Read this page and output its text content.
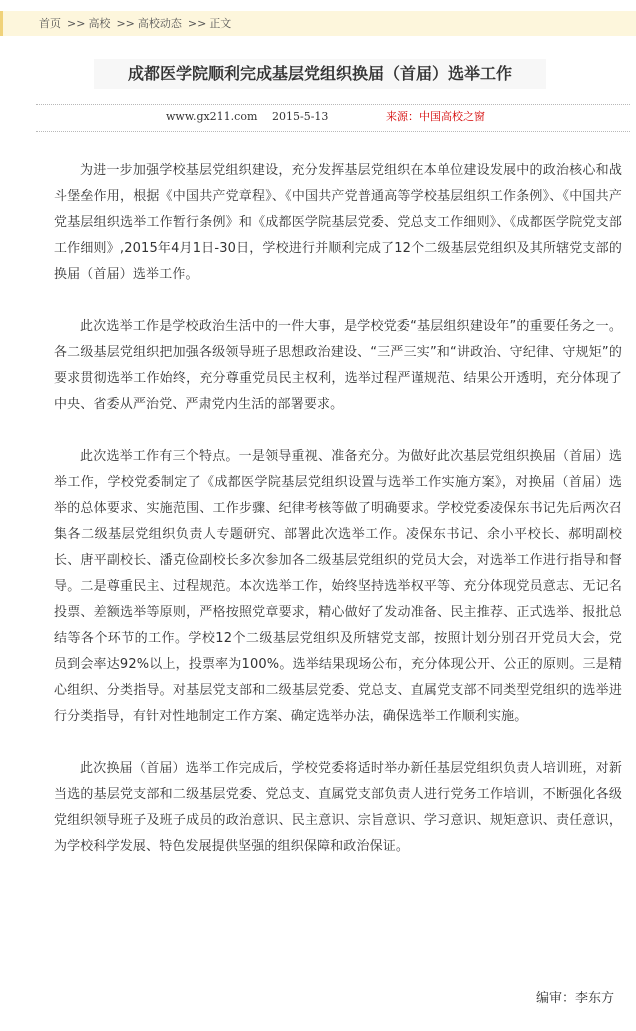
首页 >> 高校 >> 高校动态 >> 正文
成都医学院顺利完成基层党组织换届（首届）选举工作
www.gx211.com 2015-5-13	来源：中国高校之窗

为进一步加强学校基层党组织建设，充分发挥基层党组织在本单位建设发展中的政治核心和战斗堡垒作用，根据《中国共产党章程》、《中国共产党普通高等学校基层组织工作条例》、《中国共产党基层组织选举工作暂行条例》和《成都医学院基层党委、党总支工作细则》、《成都医学院党支部工作细则》,2015年4月1日-30日，学校进行并顺利完成了12个二级基层党组织及其所辖党支部的换届（首届）选举工作。

此次选举工作是学校政治生活中的一件大事，是学校党委“基层组织建设年”的重要任务之一。各二级基层党组织把加强各级领导班子思想政治建设、“三严三实”和“讲政治、守纪律、守规矩”的要求贯彻选举工作始终，充分尊重党员民主权利，选举过程严谨规范、结果公开透明，充分体现了中央、省委从严治党、严肃党内生活的部署要求。

此次选举工作有三个特点。一是领导重视、准备充分。为做好此次基层党组织换届（首届）选举工作，学校党委制定了《成都医学院基层党组织设置与选举工作实施方案》，对换届（首届）选举的总体要求、实施范围、工作步骤、纪律考核等做了明确要求。学校党委凌保东书记先后两次召集各二级基层党组织负责人专题研究、部署此次选举工作。凌保东书记、余小平校长、郝明副校长、唐平副校长、潘克俭副校长多次参加各二级基层党组织的党员大会，对选举工作进行指导和督导。二是尊重民主、过程规范。本次选举工作，始终坚持选举权平等、充分体现党员意志、无记名投票、差额选举等原则，严格按照党章要求，精心做好了发动准备、民主推荐、正式选举、报批总结等各个环节的工作。学校12个二级基层党组织及所辖党支部，按照计划分别召开党员大会，党员到会率达92%以上，投票率为100%。选举结果现场公布，充分体现公开、公正的原则。三是精心组织、分类指导。对基层党支部和二级基层党委、党总支、直属党支部不同类型党组织的选举进行分类指导，有针对性地制定工作方案、确定选举办法，确保选举工作顺利实施。

此次换届（首届）选举工作完成后，学校党委将适时举办新任基层党组织负责人培训班，对新当选的基层党支部和二级基层党委、党总支、直属党支部负责人进行党务工作培训，不断强化各级党组织领导班子及班子成员的政治意识、民主意识、宗旨意识、学习意识、规矩意识、责任意识，为学校科学发展、特色发展提供坚强的组织保障和政治保证。

编审：李东方
